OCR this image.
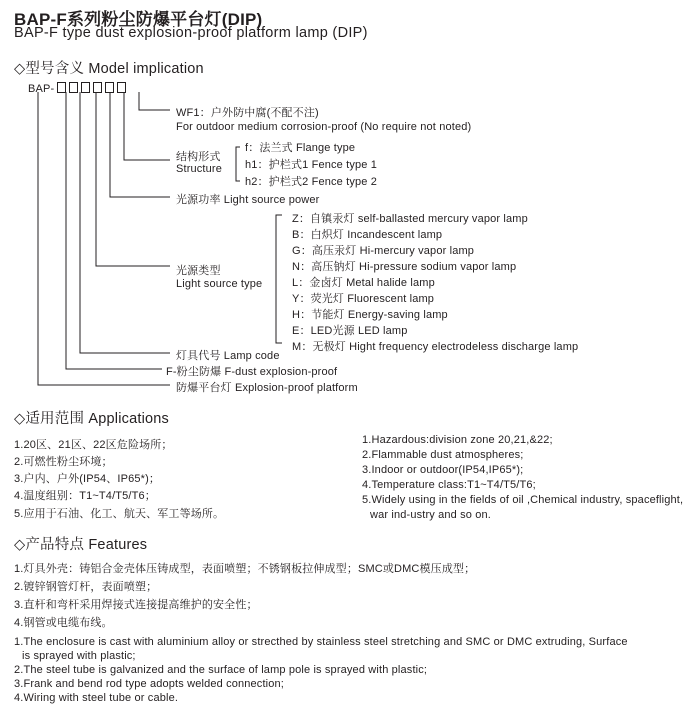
BAP-F系列粉尘防爆平台灯(DIP)
BAP-F type dust explosion-proof platform lamp (DIP)
◇型号含义 Model implication
BAP-
WF1：户外防中腐(不配不注)
For outdoor medium corrosion-proof (No require not noted)
结构形式
Structure
f：法兰式 Flange type
h1：护栏式1 Fence type 1
h2：护栏式2 Fence type 2
光源功率 Light source power
光源类型
Light source type
Z：自镇汞灯 self-ballasted mercury vapor lamp
B：白炽灯 Incandescent lamp
G：高压汞灯 Hi-mercury vapor lamp
N：高压钠灯 Hi-pressure sodium vapor lamp
L：金卤灯 Metal halide lamp
Y：荧光灯 Fluorescent lamp
H：节能灯 Energy-saving lamp
E：LED光源 LED lamp
M：无极灯 Hight frequency electrodeless discharge lamp
灯具代号 Lamp code
F-粉尘防爆 F-dust explosion-proof
防爆平台灯 Explosion-proof platform
◇适用范围 Applications
1.20区、21区、22区危险场所；
2.可燃性粉尘环境；
3.户内、户外(IP54、IP65*)；
4.温度组别：T1~T4/T5/T6；
5.应用于石油、化工、航天、军工等场所。
1.Hazardous:division zone 20,21,&22;
2.Flammable dust atmospheres;
3.Indoor or outdoor(IP54,IP65*);
4.Temperature class:T1~T4/T5/T6;
5.Widely using in the fields of oil ,Chemical industry, spaceflight,
war ind-ustry and so on.
◇产品特点 Features
1.灯具外壳：铸铝合金壳体压铸成型，表面喷塑；不锈钢板拉伸成型；SMC或DMC模压成型；
2.镀锌钢管灯杆，表面喷塑；
3.直杆和弯杆采用焊接式连接提高维护的安全性；
4.钢管或电缆布线。
1.The enclosure is cast with aluminium alloy or strecthed by stainless steel stretching and SMC or DMC extruding, Surface
is sprayed with plastic;
2.The steel tube is galvanized and the surface of lamp pole is sprayed with plastic;
3.Frank and bend rod type adopts welded connection;
4.Wiring with steel tube or cable.
